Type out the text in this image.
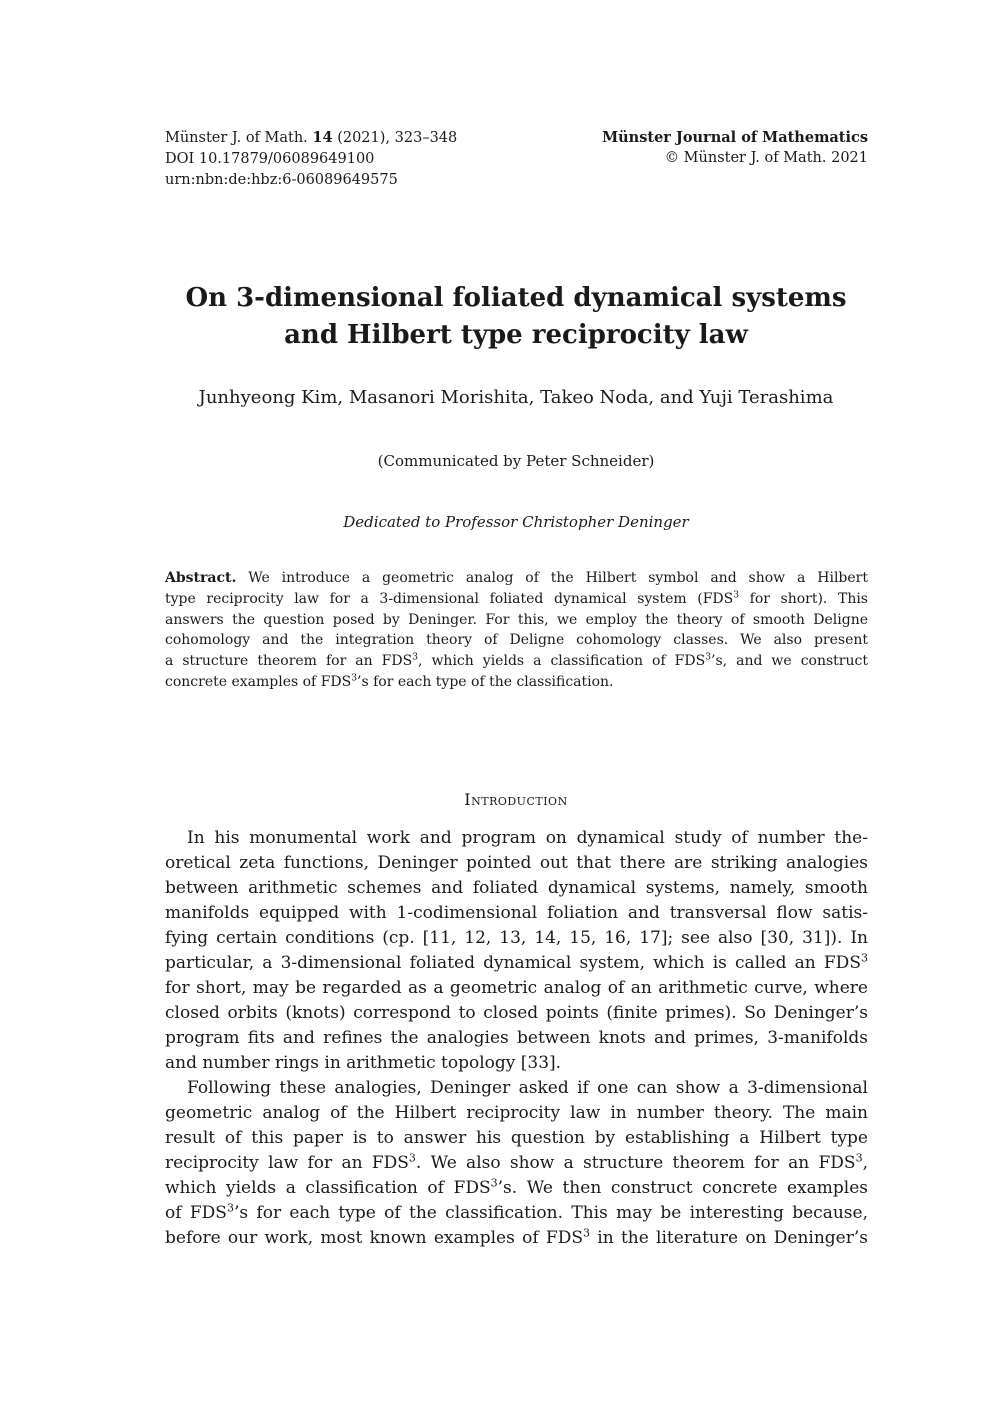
Münster J. of Math. 14 (2021), 323–348
DOI 10.17879/06089649100
urn:nbn:de:hbz:6-06089649575
Münster Journal of Mathematics
© Münster J. of Math. 2021
On 3-dimensional foliated dynamical systems
and Hilbert type reciprocity law
Junhyeong Kim, Masanori Morishita, Takeo Noda, and Yuji Terashima
(Communicated by Peter Schneider)
Dedicated to Professor Christopher Deninger
Abstract. We introduce a geometric analog of the Hilbert symbol and show a Hilbert
type reciprocity law for a 3-dimensional foliated dynamical system (FDS$^3$ for short). This
answers the question posed by Deninger. For this, we employ the theory of smooth Deligne
cohomology and the integration theory of Deligne cohomology classes. We also present
a structure theorem for an FDS$^3$, which yields a classification of FDS$^3$’s, and we construct
concrete examples of FDS$^3$’s for each type of the classification.
Introduction
In his monumental work and program on dynamical study of number the-
oretical zeta functions, Deninger pointed out that there are striking analogies
between arithmetic schemes and foliated dynamical systems, namely, smooth
manifolds equipped with 1-codimensional foliation and transversal flow satis-
fying certain conditions (cp. [11, 12, 13, 14, 15, 16, 17]; see also [30, 31]). In
particular, a 3-dimensional foliated dynamical system, which is called an FDS$^3$
for short, may be regarded as a geometric analog of an arithmetic curve, where
closed orbits (knots) correspond to closed points (finite primes). So Deninger’s
program fits and refines the analogies between knots and primes, 3-manifolds
and number rings in arithmetic topology [33].
Following these analogies, Deninger asked if one can show a 3-dimensional
geometric analog of the Hilbert reciprocity law in number theory. The main
result of this paper is to answer his question by establishing a Hilbert type
reciprocity law for an FDS$^3$. We also show a structure theorem for an FDS$^3$,
which yields a classification of FDS$^3$’s. We then construct concrete examples
of FDS$^3$’s for each type of the classification. This may be interesting because,
before our work, most known examples of FDS$^3$ in the literature on Deninger’s
